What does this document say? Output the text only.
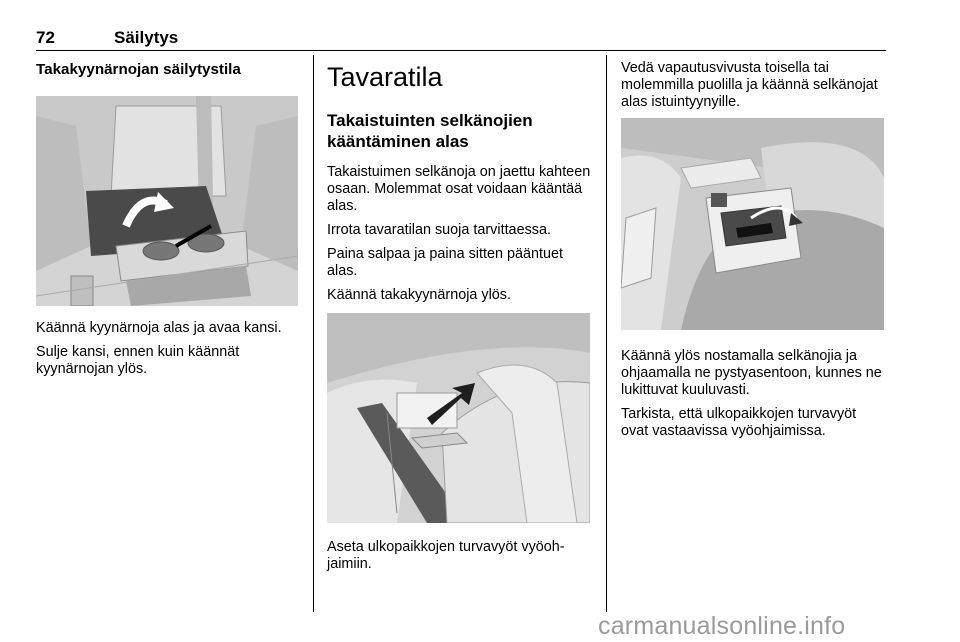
72	Säilytys
Takakyynärnojan säilytystila

Käännä kyynärnoja alas ja avaa kansi.

Sulje kansi, ennen kuin käännät kyynärnojan ylös.

Tavaratila
Takaistuinten selkänojien kääntäminen alas

Takaistuimen selkänoja on jaettu kahteen osaan. Molemmat osat voidaan kääntää alas.

Irrota tavaratilan suoja tarvittaessa.

Paina salpaa ja paina sitten pääntuet alas.

Käännä takakyynärnoja ylös.

Aseta ulkopaikkojen turvavyöt vyöohjaimiin.

Vedä vapautusvivusta toisella tai molemmilla puolilla ja käännä selkänojat alas istuintyynyille.

Käännä ylös nostamalla selkänojia ja ohjaamalla ne pystyasentoon, kunnes ne lukittuvat kuuluvasti.

Tarkista, että ulkopaikkojen turvavyöt ovat vastaavissa vyöohjaimissa.

carmanualsonline.info
